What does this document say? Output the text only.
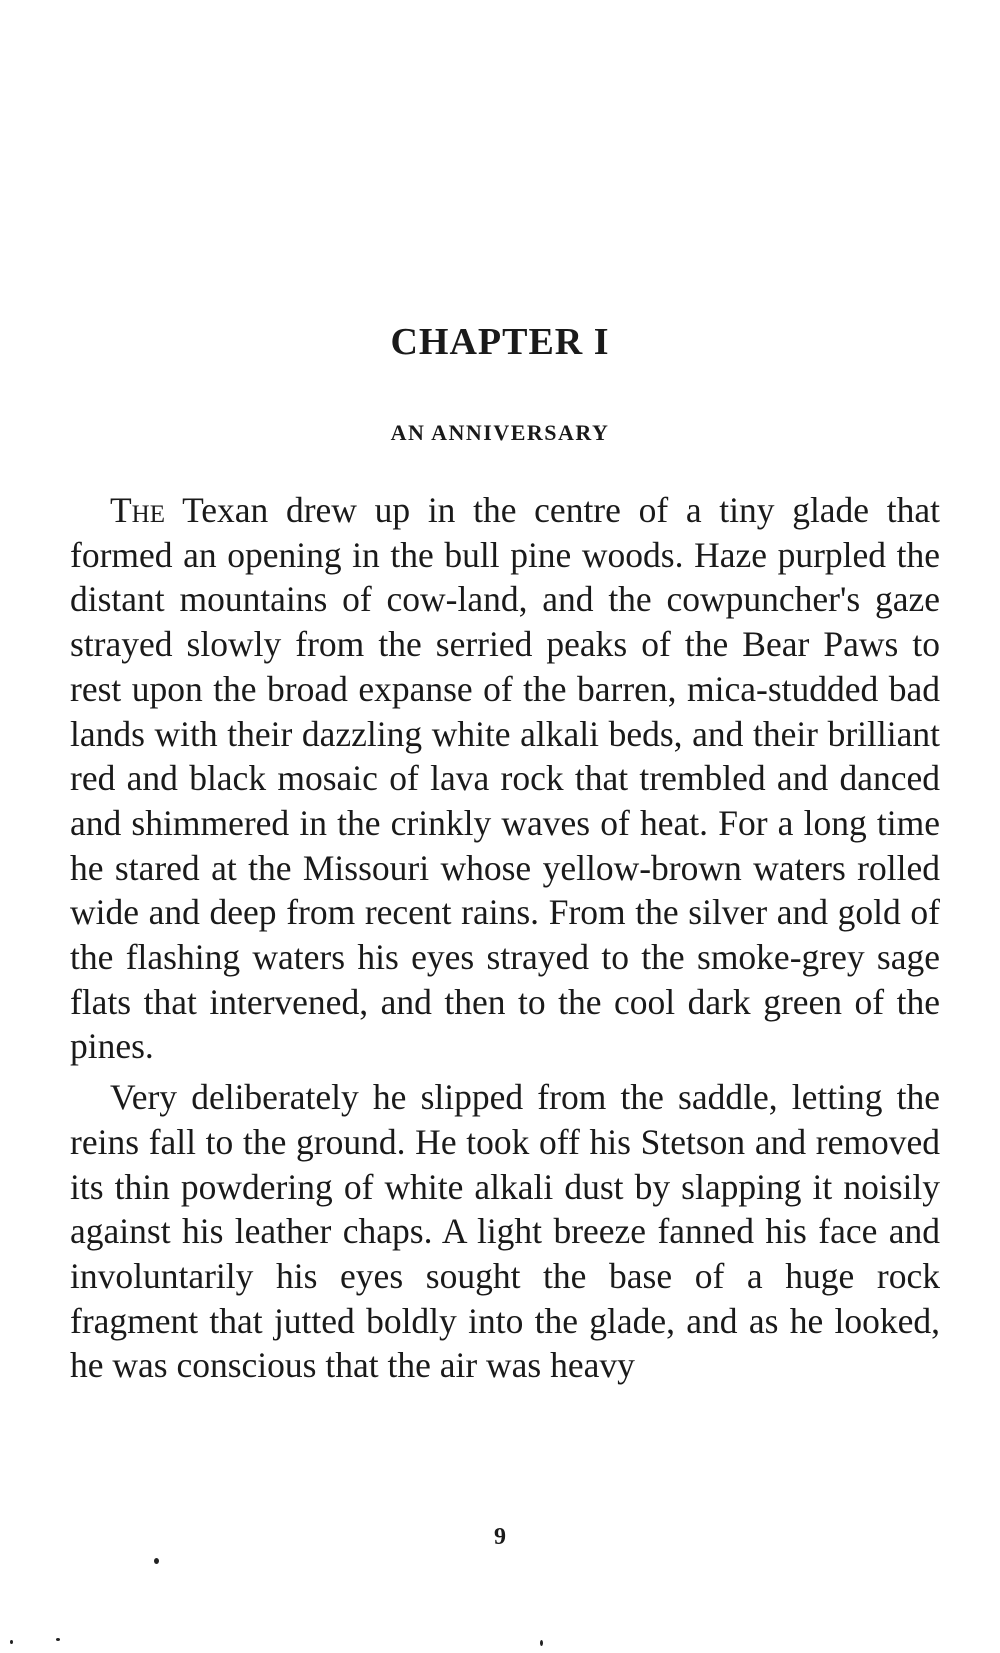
CHAPTER I
AN ANNIVERSARY

The Texan drew up in the centre of a tiny glade that formed an opening in the bull pine woods. Haze purpled the distant mountains of cow-land, and the cowpuncher's gaze strayed slowly from the serried peaks of the Bear Paws to rest upon the broad expanse of the barren, mica-studded bad lands with their dazzling white alkali beds, and their brilliant red and black mosaic of lava rock that trembled and danced and shimmered in the crinkly waves of heat. For a long time he stared at the Missouri whose yellow-brown waters rolled wide and deep from recent rains. From the silver and gold of the flashing waters his eyes strayed to the smoke-grey sage flats that intervened, and then to the cool dark green of the pines.

Very deliberately he slipped from the saddle, letting the reins fall to the ground. He took off his Stetson and removed its thin powdering of white alkali dust by slapping it noisily against his leather chaps. A light breeze fanned his face and involuntarily his eyes sought the base of a huge rock fragment that jutted boldly into the glade, and as he looked, he was conscious that the air was heavy

9
